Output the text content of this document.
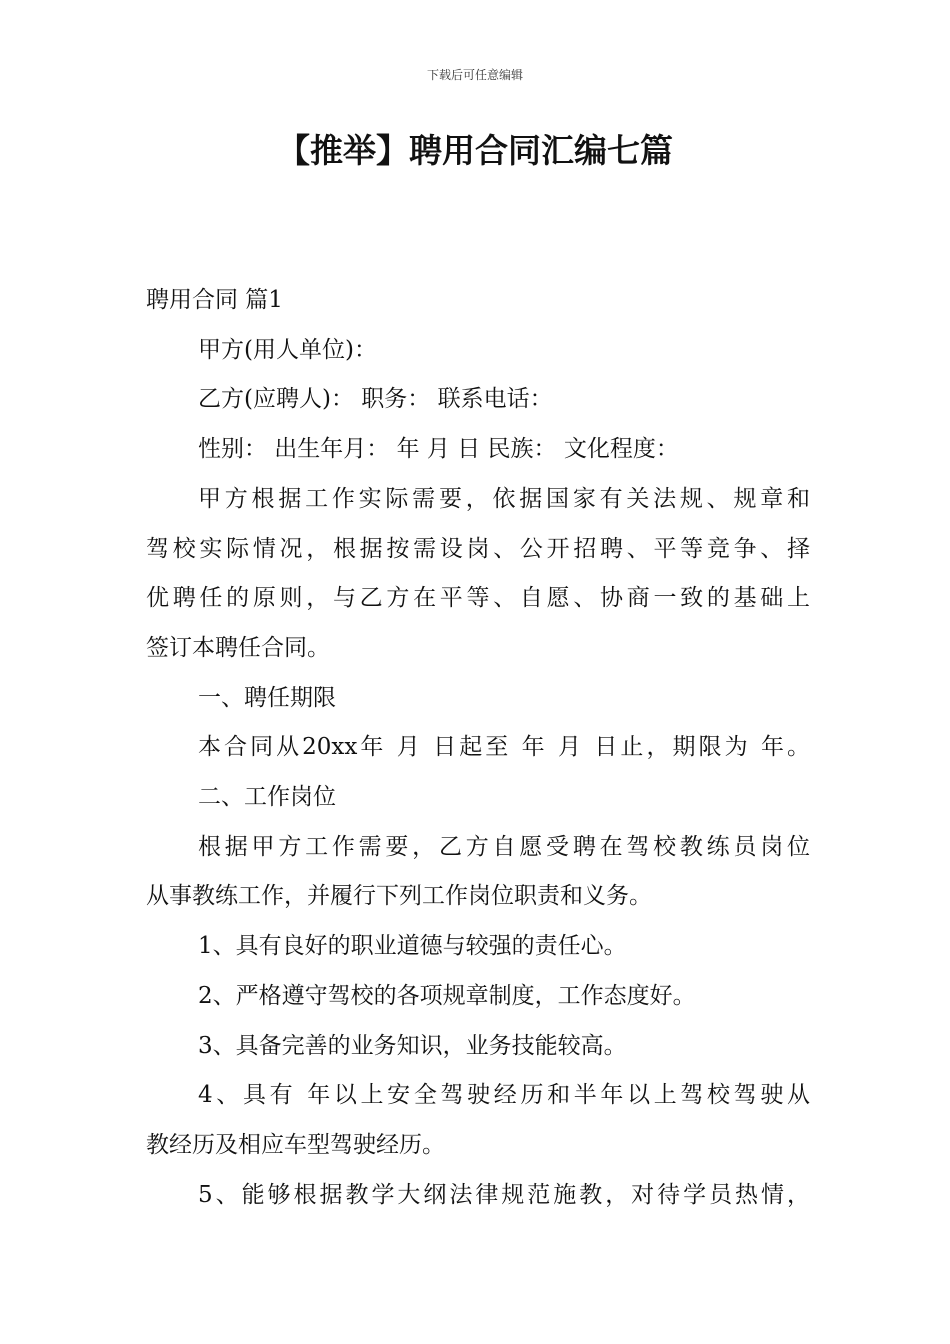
下载后可任意编辑
【推举】聘用合同汇编七篇

聘用合同 篇1

甲方(用人单位)：

乙方(应聘人)： 职务： 联系电话：

性别： 出生年月： 年 月 日 民族： 文化程度：

甲方根据工作实际需要，依据国家有关法规、规章和

驾校实际情况，根据按需设岗、公开招聘、平等竞争、择

优聘任的原则，与乙方在平等、自愿、协商一致的基础上

签订本聘任合同。

一、聘任期限

本合同从20xx年 月 日起至 年 月 日止，期限为 年。

二、工作岗位

根据甲方工作需要，乙方自愿受聘在驾校教练员岗位

从事教练工作，并履行下列工作岗位职责和义务。

1、具有良好的职业道德与较强的责任心。

2、严格遵守驾校的各项规章制度，工作态度好。

3、具备完善的业务知识，业务技能较高。

4、具有 年以上安全驾驶经历和半年以上驾校驾驶从

教经历及相应车型驾驶经历。

5、能够根据教学大纲法律规范施教，对待学员热情，
